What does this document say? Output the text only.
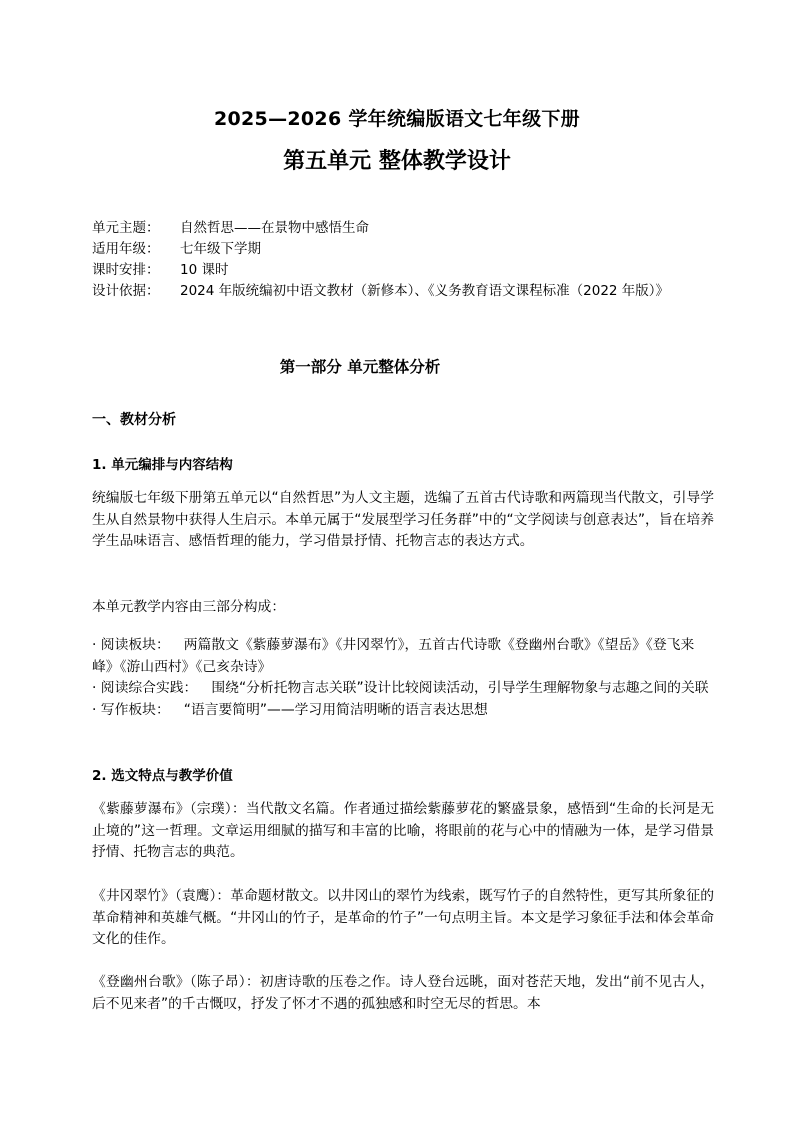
2025—2026 学年统编版语文七年级下册
第五单元 整体教学设计
单元主题： 自然哲思——在景物中感悟生命
适用年级： 七年级下学期
课时安排： 10 课时
设计依据： 2024 年版统编初中语文教材（新修本）、《义务教育语文课程标准（2022 年版）》
第一部分 单元整体分析
一、教材分析
1. 单元编排与内容结构
统编版七年级下册第五单元以“自然哲思”为人文主题，选编了五首古代诗歌和两篇现当代散文，引导学生从自然景物中获得人生启示。本单元属于“发展型学习任务群”中的“文学阅读与创意表达”，旨在培养学生品味语言、感悟哲理的能力，学习借景抒情、托物言志的表达方式。
本单元教学内容由三部分构成：

· 阅读板块： 两篇散文《紫藤萝瀑布》《井冈翠竹》，五首古代诗歌《登幽州台歌》《望岳》《登飞来峰》《游山西村》《己亥杂诗》

· 阅读综合实践： 围绕“分析托物言志关联”设计比较阅读活动，引导学生理解物象与志趣之间的关联

· 写作板块： “语言要简明”——学习用简洁明晰的语言表达思想

2. 选文特点与教学价值
《紫藤萝瀑布》（宗璞）：当代散文名篇。作者通过描绘紫藤萝花的繁盛景象，感悟到“生命的长河是无止境的”这一哲理。文章运用细腻的描写和丰富的比喻，将眼前的花与心中的情融为一体，是学习借景抒情、托物言志的典范。
《井冈翠竹》（袁鹰）：革命题材散文。以井冈山的翠竹为线索，既写竹子的自然特性，更写其所象征的革命精神和英雄气概。“井冈山的竹子，是革命的竹子”一句点明主旨。本文是学习象征手法和体会革命文化的佳作。
《登幽州台歌》（陈子昂）：初唐诗歌的压卷之作。诗人登台远眺，面对苍茫天地，发出“前不见古人，后不见来者”的千古慨叹，抒发了怀才不遇的孤独感和时空无尽的哲思。本
